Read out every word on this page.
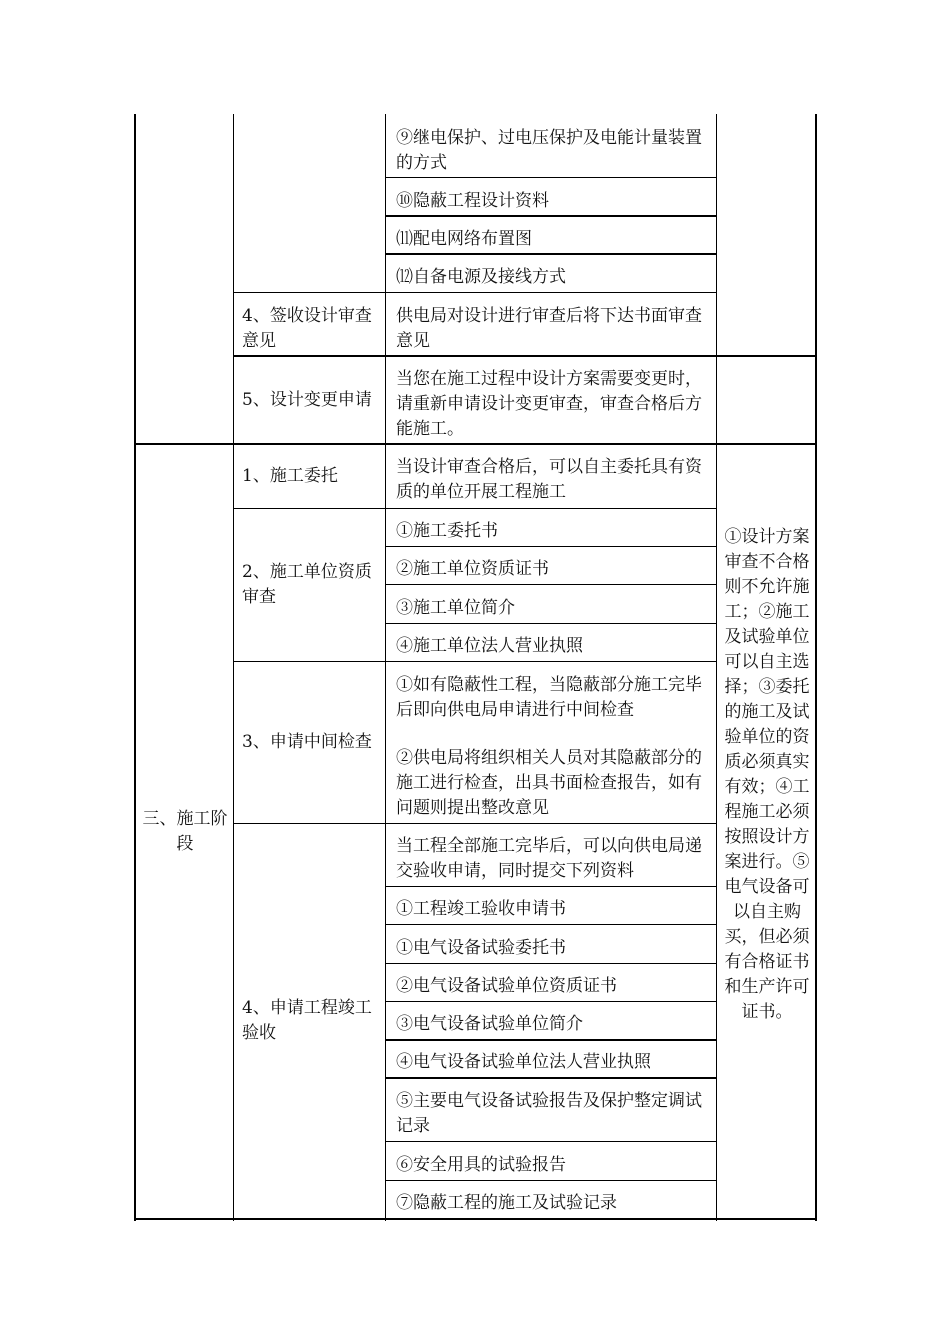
⑨继电保护、过电压保护及电能计量装置的方式
⑩隐蔽工程设计资料
⑾配电网络布置图
⑿自备电源及接线方式
4、签收设计审查意见
供电局对设计进行审查后将下达书面审查意见
5、设计变更申请
当您在施工过程中设计方案需要变更时，请重新申请设计变更审查，审查合格后方能施工。
三、施工阶段
1、施工委托	当设计审查合格后，可以自主委托具有资质的单位开展工程施工
2、施工单位资质审查
①施工委托书
②施工单位资质证书
③施工单位简介
④施工单位法人营业执照
3、申请中间检查
①如有隐蔽性工程，当隐蔽部分施工完毕后即向供电局申请进行中间检查
②供电局将组织相关人员对其隐蔽部分的施工进行检查，出具书面检查报告，如有问题则提出整改意见
4、申请工程竣工验收
当工程全部施工完毕后，可以向供电局递交验收申请，同时提交下列资料
①工程竣工验收申请书
①电气设备试验委托书
②电气设备试验单位资质证书
③电气设备试验单位简介
④电气设备试验单位法人营业执照
⑤主要电气设备试验报告及保护整定调试记录
⑥安全用具的试验报告
⑦隐蔽工程的施工及试验记录
①设计方案审查不合格则不允许施工；②施工及试验单位可以自主选择；③委托的施工及试验单位的资质必须真实有效；④工程施工必须按照设计方案进行。⑤电气设备可以自主购买，但必须有合格证书和生产许可证书。
